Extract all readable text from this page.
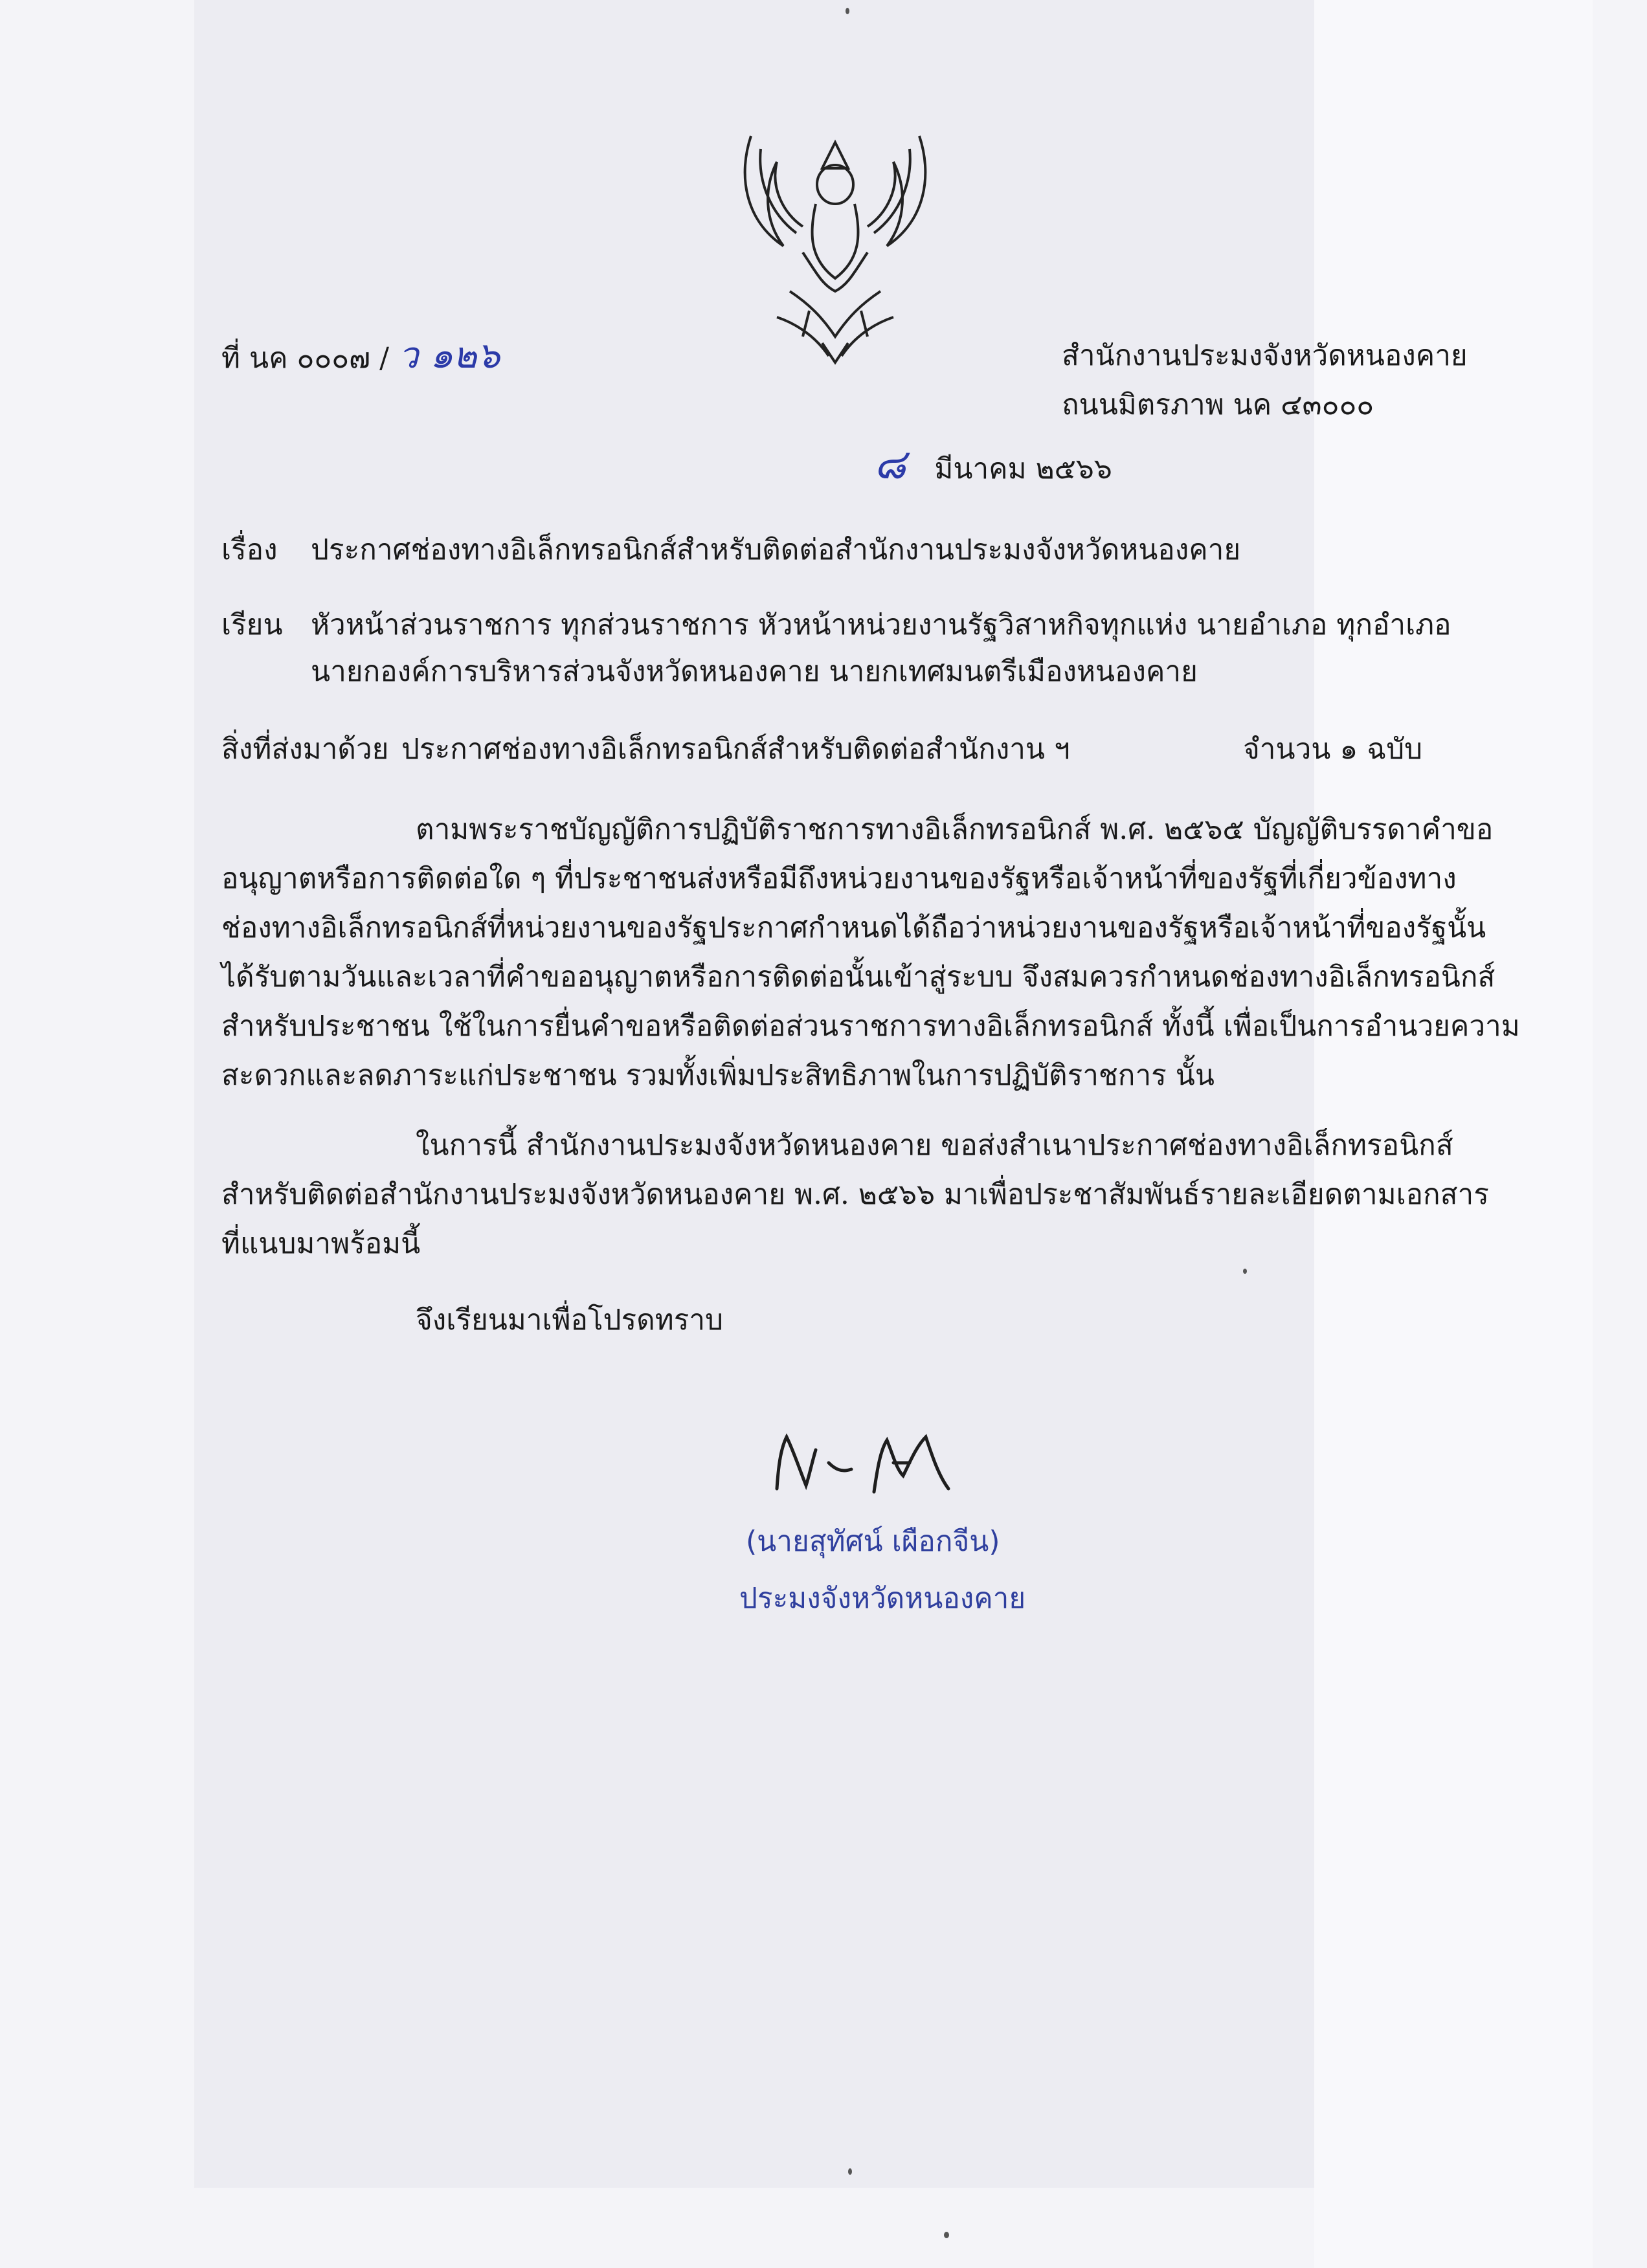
ที่ นค ๐๐๐๗ / ว ๑๒๖	สำนักงานประมงจังหวัดหนองคาย
ถนนมิตรภาพ นค ๔๓๐๐๐
๘ มีนาคม ๒๕๖๖
เรื่อง ประกาศช่องทางอิเล็กทรอนิกส์สำหรับติดต่อสำนักงานประมงจังหวัดหนองคาย
เรียน หัวหน้าส่วนราชการ ทุกส่วนราชการ หัวหน้าหน่วยงานรัฐวิสาหกิจทุกแห่ง นายอำเภอ ทุกอำเภอ
นายกองค์การบริหารส่วนจังหวัดหนองคาย นายกเทศมนตรีเมืองหนองคาย
สิ่งที่ส่งมาด้วย ประกาศช่องทางอิเล็กทรอนิกส์สำหรับติดต่อสำนักงาน ฯ	จำนวน ๑ ฉบับ

ตามพระราชบัญญัติการปฏิบัติราชการทางอิเล็กทรอนิกส์ พ.ศ. ๒๕๖๕ บัญญัติบรรดาคำขอ

อนุญาตหรือการติดต่อใด ๆ ที่ประชาชนส่งหรือมีถึงหน่วยงานของรัฐหรือเจ้าหน้าที่ของรัฐที่เกี่ยวข้องทาง

ช่องทางอิเล็กทรอนิกส์ที่หน่วยงานของรัฐประกาศกำหนดได้ถือว่าหน่วยงานของรัฐหรือเจ้าหน้าที่ของรัฐนั้น

ได้รับตามวันและเวลาที่คำขออนุญาตหรือการติดต่อนั้นเข้าสู่ระบบ จึงสมควรกำหนดช่องทางอิเล็กทรอนิกส์

สำหรับประชาชน ใช้ในการยื่นคำขอหรือติดต่อส่วนราชการทางอิเล็กทรอนิกส์ ทั้งนี้ เพื่อเป็นการอำนวยความ

สะดวกและลดภาระแก่ประชาชน รวมทั้งเพิ่มประสิทธิภาพในการปฏิบัติราชการ นั้น

ในการนี้ สำนักงานประมงจังหวัดหนองคาย ขอส่งสำเนาประกาศช่องทางอิเล็กทรอนิกส์

สำหรับติดต่อสำนักงานประมงจังหวัดหนองคาย พ.ศ. ๒๕๖๖ มาเพื่อประชาสัมพันธ์รายละเอียดตามเอกสาร

ที่แนบมาพร้อมนี้

จึงเรียนมาเพื่อโปรดทราบ
(นายสุทัศน์ เผือกจีน)
ประมงจังหวัดหนองคาย
